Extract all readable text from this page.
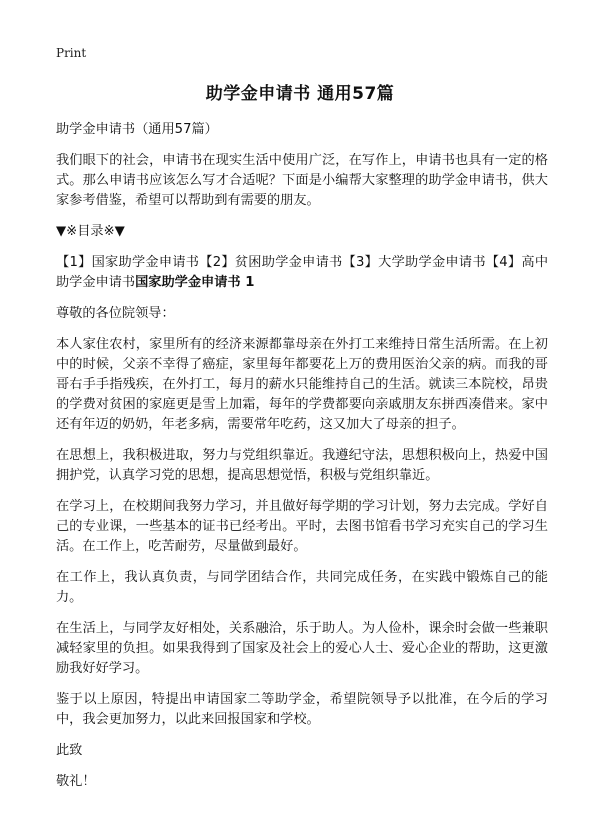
Print
助学金申请书 通用57篇

助学金申请书（通用57篇）

我们眼下的社会，申请书在现实生活中使用广泛，在写作上，申请书也具有一定的格式。那么申请书应该怎么写才合适呢？下面是小编帮大家整理的助学金申请书，供大家参考借鉴，希望可以帮助到有需要的朋友。

▼※目录※▼

【1】国家助学金申请书【2】贫困助学金申请书【3】大学助学金申请书【4】高中助学金申请书国家助学金申请书 1

尊敬的各位院领导：

本人家住农村，家里所有的经济来源都靠母亲在外打工来维持日常生活所需。在上初中的时候，父亲不幸得了癌症，家里每年都要花上万的费用医治父亲的病。而我的哥哥右手手指残疾，在外打工，每月的薪水只能维持自己的生活。就读三本院校，昂贵的学费对贫困的家庭更是雪上加霜，每年的学费都要向亲戚朋友东拼西凑借来。家中还有年迈的奶奶，年老多病，需要常年吃药，这又加大了母亲的担子。

在思想上，我积极进取，努力与党组织靠近。我遵纪守法，思想积极向上，热爱中国拥护党，认真学习党的思想，提高思想觉悟，积极与党组织靠近。

在学习上，在校期间我努力学习，并且做好每学期的学习计划，努力去完成。学好自己的专业课，一些基本的证书已经考出。平时，去图书馆看书学习充实自己的学习生活。在工作上，吃苦耐劳，尽量做到最好。

在工作上，我认真负责，与同学团结合作，共同完成任务，在实践中锻炼自己的能力。

在生活上，与同学友好相处，关系融洽，乐于助人。为人俭朴，课余时会做一些兼职减轻家里的负担。如果我得到了国家及社会上的爱心人士、爱心企业的帮助，这更激励我好好学习。

鉴于以上原因，特提出申请国家二等助学金，希望院领导予以批准，在今后的学习中，我会更加努力，以此来回报国家和学校。

此致

敬礼！
